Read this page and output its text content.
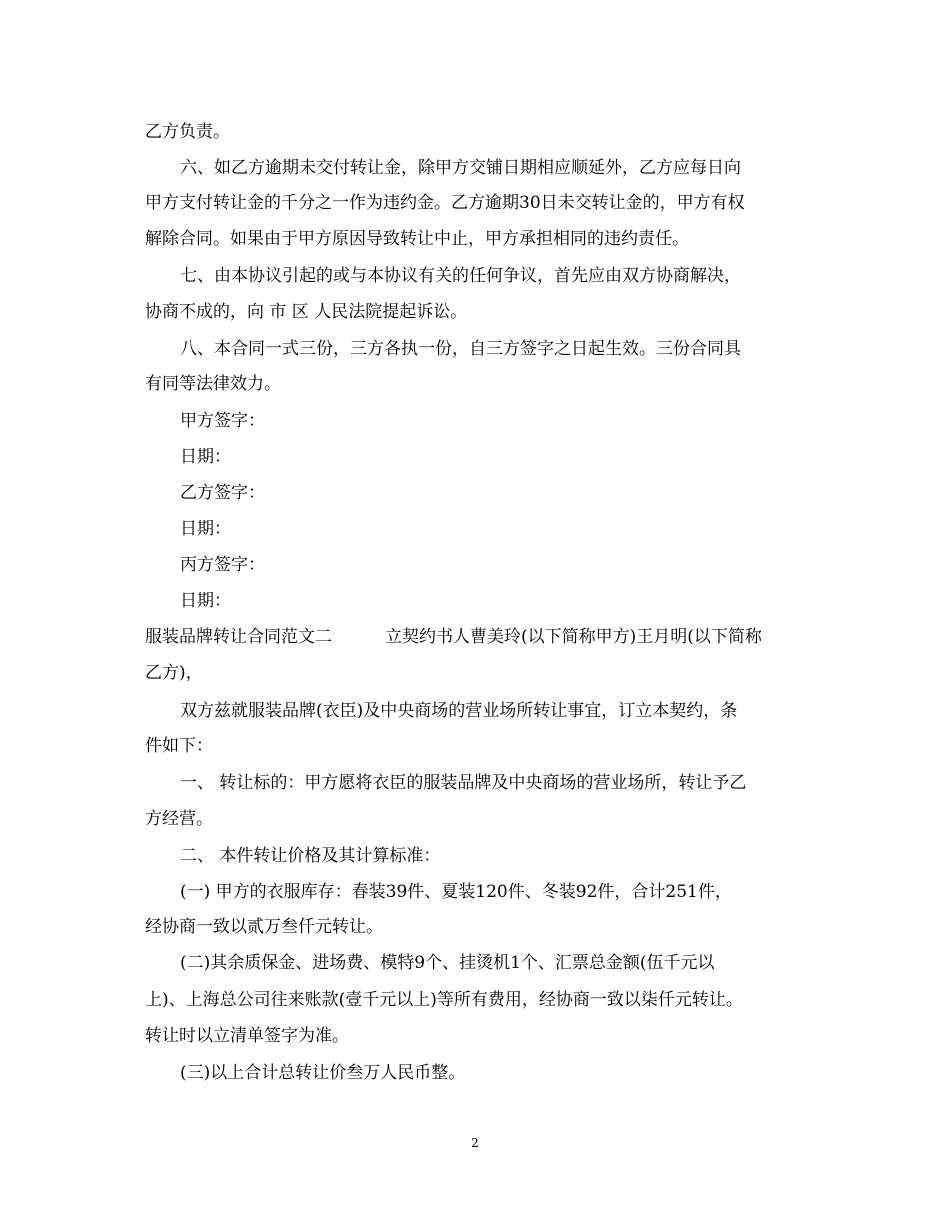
乙方负责。
六、如乙方逾期未交付转让金，除甲方交铺日期相应顺延外，乙方应每日向
甲方支付转让金的千分之一作为违约金。乙方逾期30日未交转让金的，甲方有权
解除合同。如果由于甲方原因导致转让中止，甲方承担相同的违约责任。
七、由本协议引起的或与本协议有关的任何争议，首先应由双方协商解决，
协商不成的，向 市 区 人民法院提起诉讼。
八、本合同一式三份，三方各执一份，自三方签字之日起生效。三份合同具
有同等法律效力。
甲方签字：
日期：
乙方签字：
日期：
丙方签字：
日期：
服装品牌转让合同范文二	立契约书人曹美玲(以下简称甲方)王月明(以下简称
乙方)，
双方兹就服装品牌(衣臣)及中央商场的营业场所转让事宜，订立本契约，条
件如下：
一、 转让标的：甲方愿将衣臣的服装品牌及中央商场的营业场所，转让予乙
方经营。
二、 本件转让价格及其计算标准：
(一) 甲方的衣服库存：春装39件、夏装120件、冬装92件，合计251件，
经协商一致以贰万叁仟元转让。
(二)其余质保金、进场费、模特9个、挂烫机1个、汇票总金额(伍千元以
上)、上海总公司往来账款(壹千元以上)等所有费用，经协商一致以柒仟元转让。
转让时以立清单签字为准。
(三)以上合计总转让价叁万人民币整。
2
